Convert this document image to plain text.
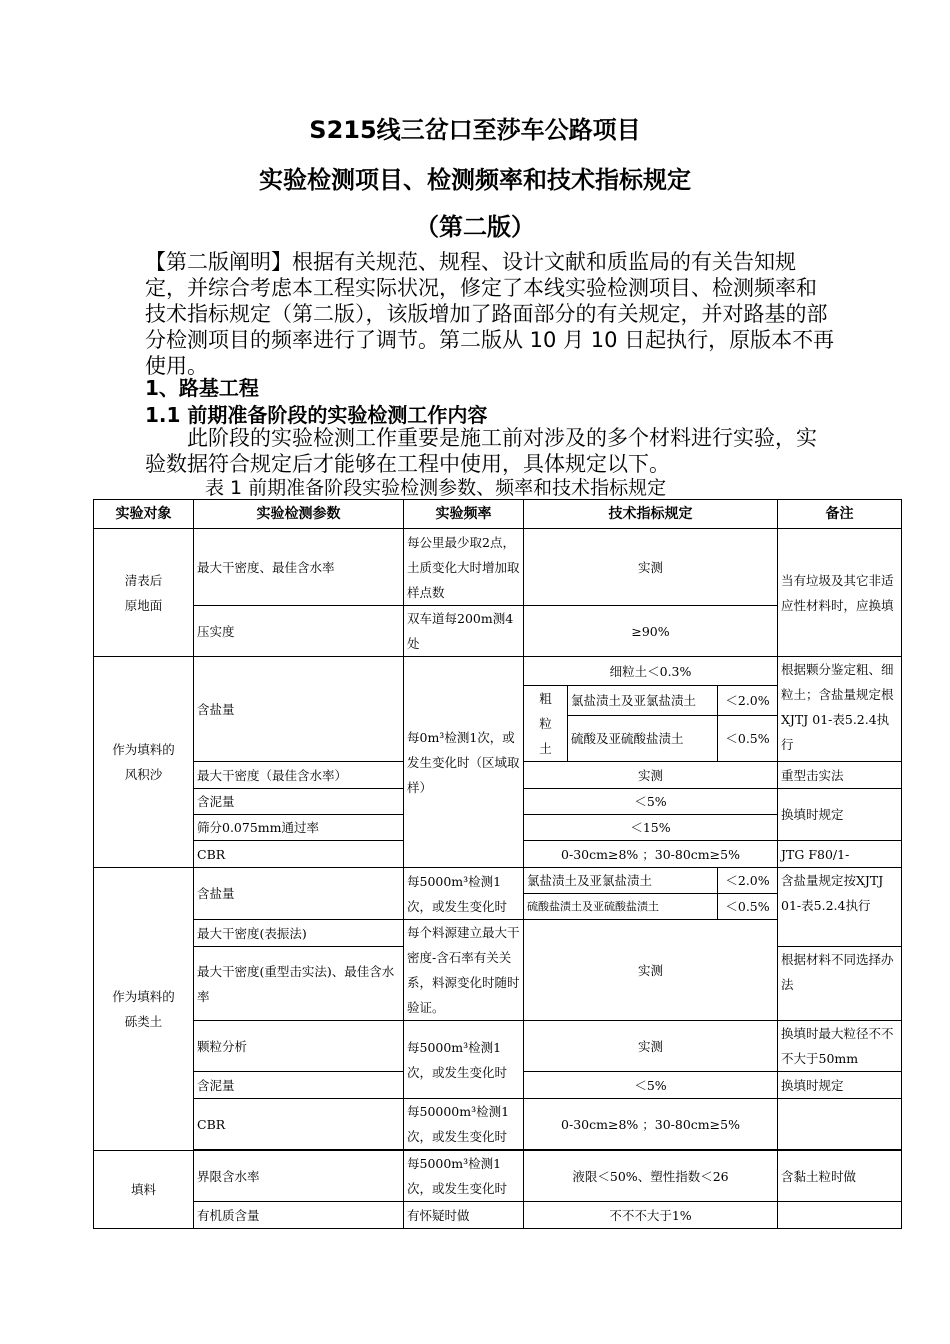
S215线三岔口至莎车公路项目
实验检测项目、检测频率和技术指标规定
（第二版）
【第二版阐明】根据有关规范、规程、设计文献和质监局的有关告知规定，并综合考虑本工程实际状况，修定了本线实验检测项目、检测频率和技术指标规定（第二版），该版增加了路面部分的有关规定，并对路基的部分检测项目的频率进行了调节。第二版从 10 月 10 日起执行，原版本不再使用。
1、路基工程
1.1 前期准备阶段的实验检测工作内容
此阶段的实验检测工作重要是施工前对涉及的多个材料进行实验，实验数据符合规定后才能够在工程中使用，具体规定以下。
表 1 前期准备阶段实验检测参数、频率和技术指标规定
实验对象	实验检测参数	实验频率	技术指标规定			备注
清表后
原地面	最大干密度、最佳含水率	每公里最少取2点，土质变化大时增加取样点数	实测			当有垃圾及其它非适应性材料时，应换填
	压实度	双车道每200m测4处	≥90%			
作为填料的
风积沙	含盐量	每0m³检测1次，或发生变化时（区域取样）	细粒土＜0.3%			根据颗分鉴定粗、细粒土；含盐量规定根XJTJ 01-表5.2.4执行
			粗
粒
土	氯盐渍土及亚氯盐渍土	＜2.0%	
				硫酸及亚硫酸盐渍土	＜0.5%	
	最大干密度（最佳含水率）		实测			重型击实法
	含泥量		＜5%			换填时规定
	筛分0.075mm通过率		＜15%			
	CBR		0-30cm≥8% ；30-80cm≥5%			JTG F80/1-
作为填料的
砾类土	含盐量	每5000m³检测1次，或发生变化时	氯盐渍土及亚氯盐渍土		＜2.0%	含盐量规定按XJTJ 01-表5.2.4执行
			硫酸盐渍土及亚硫酸盐渍土		＜0.5%	
	最大干密度(表振法)	每个料源建立最大干密度-含石率有关关系，料源变化时随时验证。	实测			
	最大干密度(重型击实法)、最佳含水率					根据材料不同选择办法
	颗粒分析	每5000m³检测1次，或发生变化时	实测			换填时最大粒径不不不大于50mm
	含泥量		＜5%			换填时规定
	CBR	每50000m³检测1次，或发生变化时	0-30cm≥8% ；30-80cm≥5%			

填料	界限含水率	每5000m³检测1次，或发生变化时	液限＜50%、塑性指数＜26			含黏土粒时做
	有机质含量	有怀疑时做	不不不大于1%			
